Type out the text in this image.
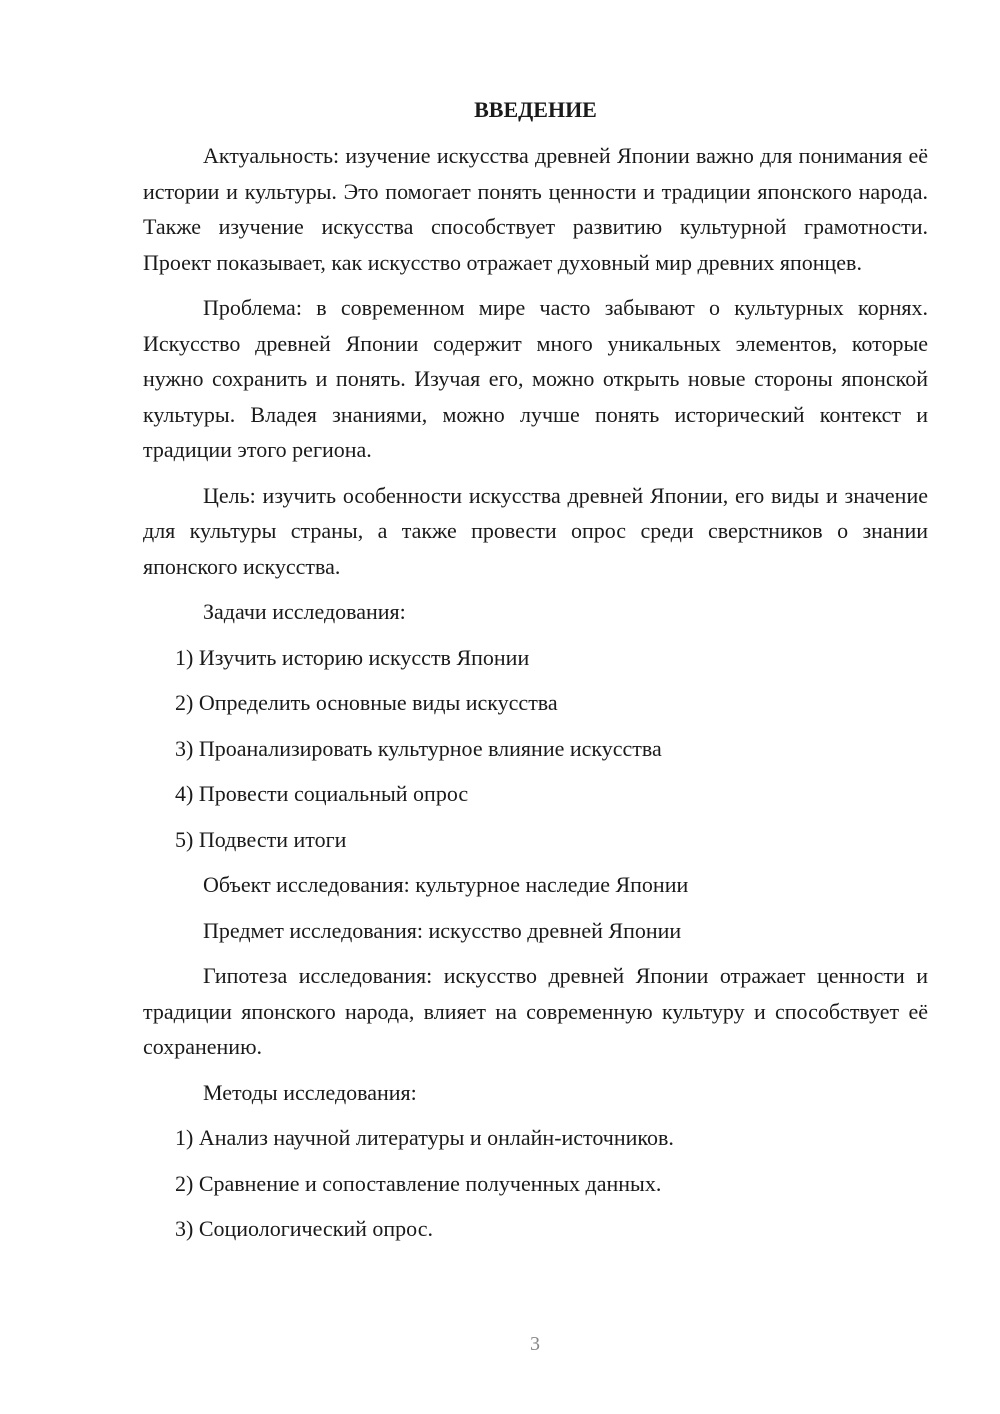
ВВЕДЕНИЕ
Актуальность: изучение искусства древней Японии важно для понимания её истории и культуры. Это помогает понять ценности и традиции японского народа. Также изучение искусства способствует развитию культурной грамотности. Проект показывает, как искусство отражает духовный мир древних японцев.
Проблема: в современном мире часто забывают о культурных корнях. Искусство древней Японии содержит много уникальных элементов, которые нужно сохранить и понять. Изучая его, можно открыть новые стороны японской культуры. Владея знаниями, можно лучше понять исторический контекст и традиции этого региона.
Цель: изучить особенности искусства древней Японии, его виды и значение для культуры страны, а также провести опрос среди сверстников о знании японского искусства.
Задачи исследования:
1) Изучить историю искусств Японии
2) Определить основные виды искусства
3) Проанализировать культурное влияние искусства
4) Провести социальный опрос
5) Подвести итоги
Объект исследования: культурное наследие Японии
Предмет исследования: искусство древней Японии
Гипотеза исследования: искусство древней Японии отражает ценности и традиции японского народа, влияет на современную культуру и способствует её сохранению.
Методы исследования:
1) Анализ научной литературы и онлайн-источников.
2) Сравнение и сопоставление полученных данных.
3) Социологический опрос.
3
